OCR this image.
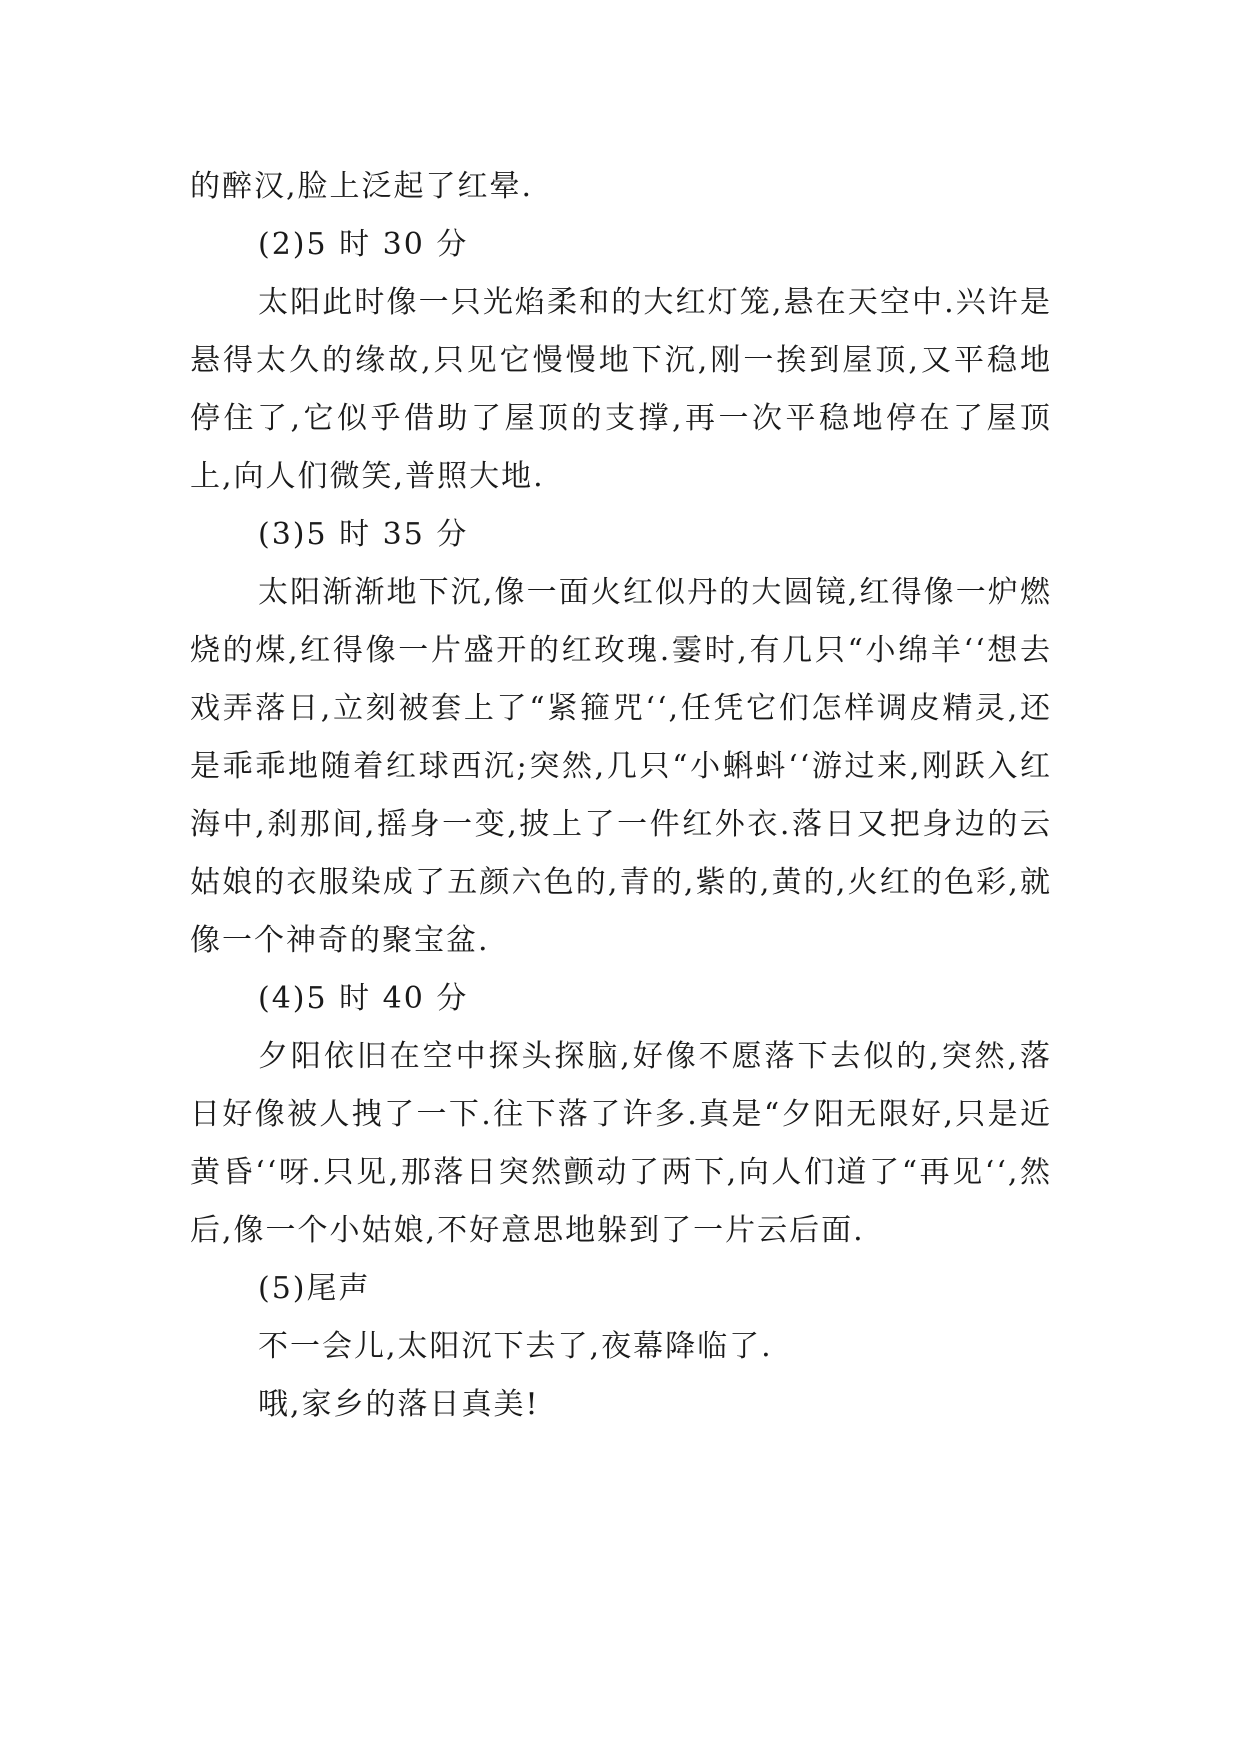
的醉汉,脸上泛起了红晕.

(2)5 时 30 分

太阳此时像一只光焰柔和的大红灯笼,悬在天空中.兴许是悬得太久的缘故,只见它慢慢地下沉,刚一挨到屋顶,又平稳地停住了,它似乎借助了屋顶的支撑,再一次平稳地停在了屋顶上,向人们微笑,普照大地.

(3)5 时 35 分

太阳渐渐地下沉,像一面火红似丹的大圆镜,红得像一炉燃烧的煤,红得像一片盛开的红玫瑰.霎时,有几只“小绵羊‘‘想去戏弄落日,立刻被套上了“紧箍咒‘‘,任凭它们怎样调皮精灵,还是乖乖地随着红球西沉;突然,几只“小蝌蚪‘‘游过来,刚跃入红海中,刹那间,摇身一变,披上了一件红外衣.落日又把身边的云姑娘的衣服染成了五颜六色的,青的,紫的,黄的,火红的色彩,就像一个神奇的聚宝盆.

(4)5 时 40 分

夕阳依旧在空中探头探脑,好像不愿落下去似的,突然,落日好像被人拽了一下.往下落了许多.真是“夕阳无限好,只是近黄昏‘‘呀.只见,那落日突然颤动了两下,向人们道了“再见‘‘,然后,像一个小姑娘,不好意思地躲到了一片云后面.

(5)尾声

不一会儿,太阳沉下去了,夜幕降临了.

哦,家乡的落日真美!
